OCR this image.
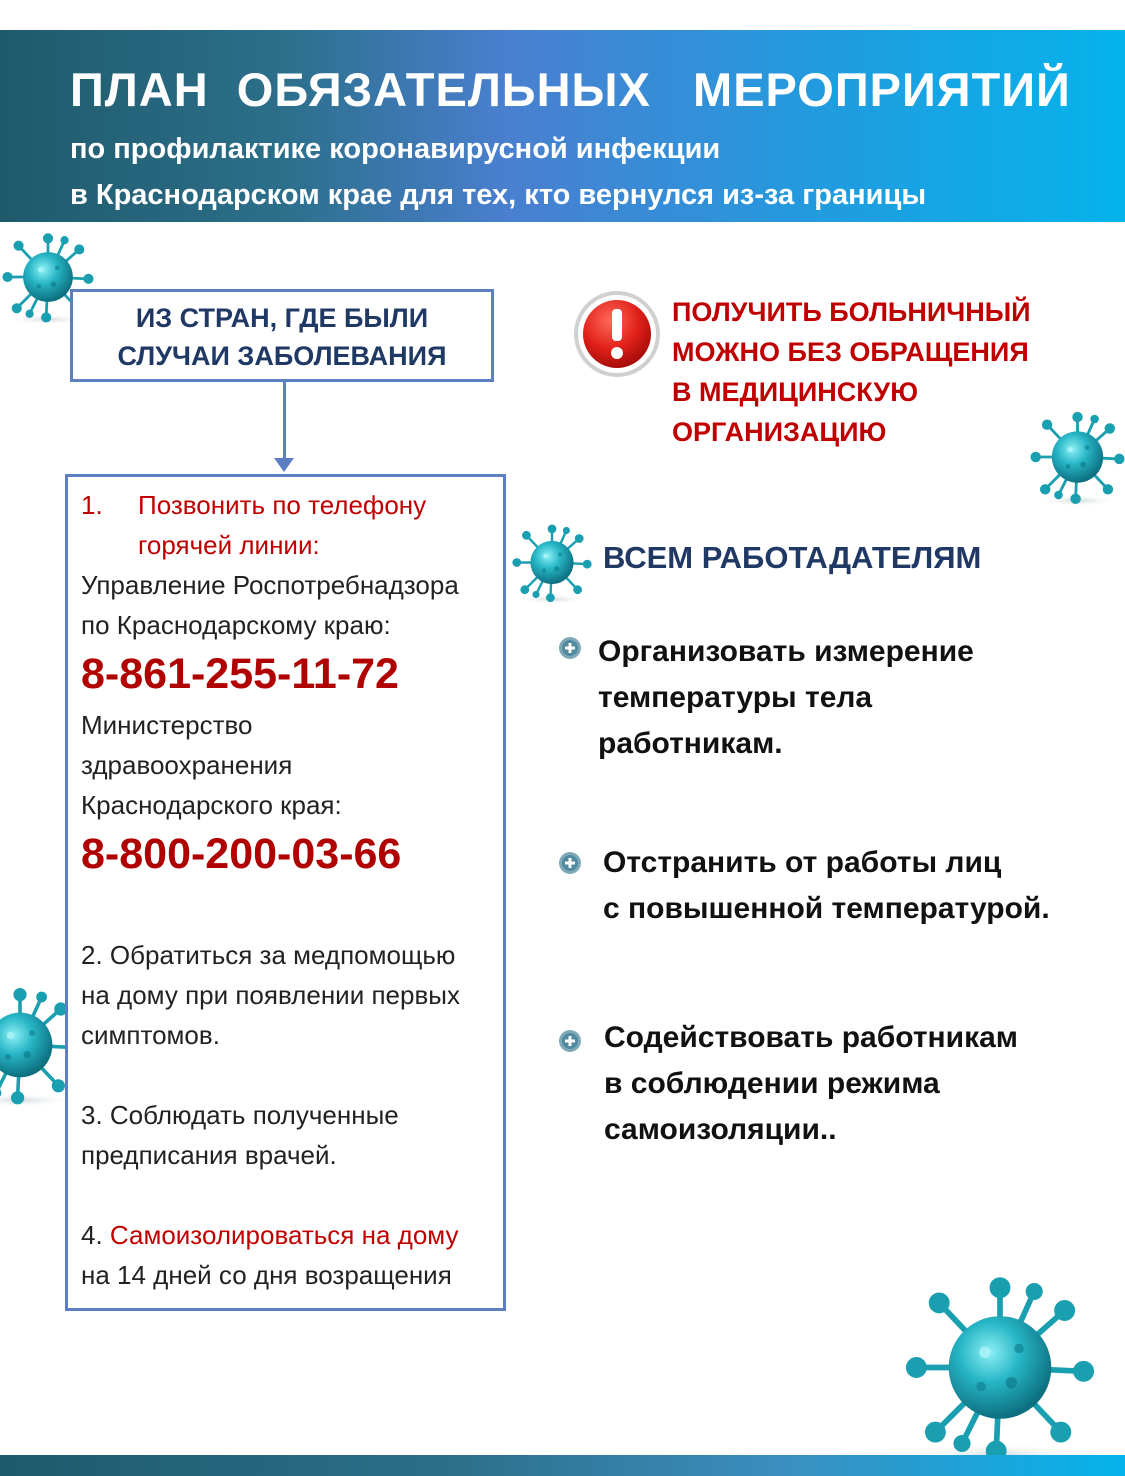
ПЛАН  ОБЯЗАТЕЛЬНЫХ   МЕРОПРИЯТИЙ
по профилактике коронавирусной инфекции
в Краснодарском крае для тех, кто вернулся из-за границы
ИЗ СТРАН, ГДЕ БЫЛИ
СЛУЧАИ ЗАБОЛЕВАНИЯ
1. Позвонить по телефону
горячей линии:
Управление Роспотребнадзора
по Краснодарскому краю:
8-861-255-11-72
Министерство
здравоохранения
Краснодарского края:
8-800-200-03-66
2. Обратиться за медпомощью
на дому при появлении первых
симптомов.
3. Соблюдать полученные
предписания врачей.
4. Самоизолироваться на дому
на 14 дней со дня возращения
ПОЛУЧИТЬ БОЛЬНИЧНЫЙ
МОЖНО БЕЗ ОБРАЩЕНИЯ
В МЕДИЦИНСКУЮ
ОРГАНИЗАЦИЮ
ВСЕМ РАБОТАДАТЕЛЯМ
Организовать измерение
температуры тела
работникам.
Отстранить от работы лиц
с повышенной температурой.
Содействовать работникам
в соблюдении режима
самоизоляции..
